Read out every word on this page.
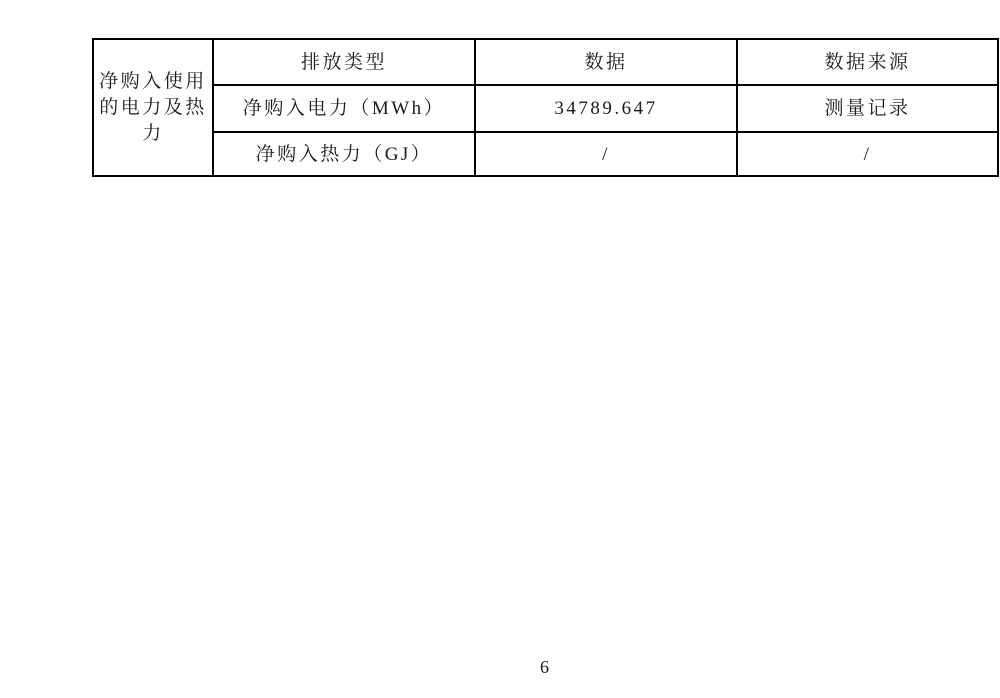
净购入使用的电力及热力	排放类型	数据	数据来源
	净购入电力（MWh）	34789.647	测量记录
	净购入热力（GJ）	/	/
6
